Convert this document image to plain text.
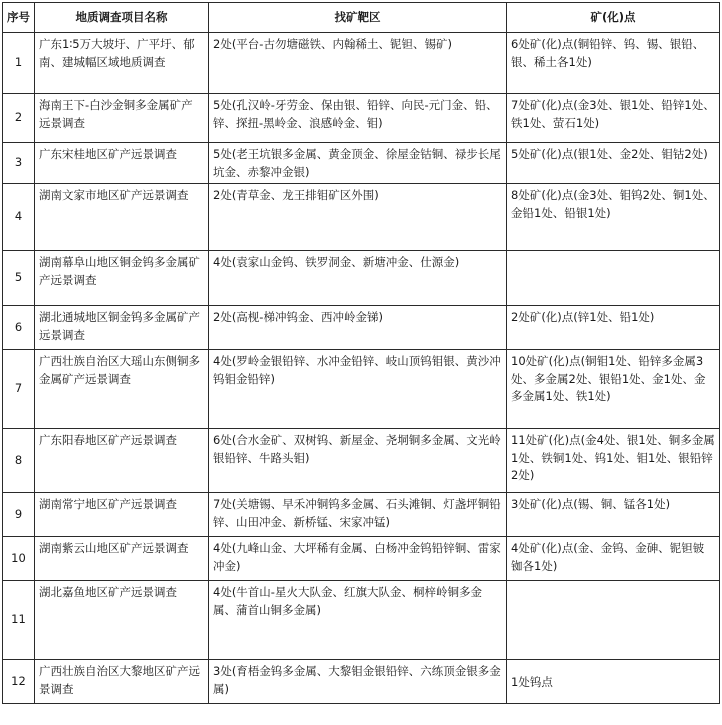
序号	地质调查项目名称	找矿靶区	矿(化)点
1	广东1∶5万大坡圩、广平圩、郁南、建城幅区域地质调查	2处(平台-古勿塘磁铁、内翰稀土、铌钽、锡矿)	6处矿(化)点(铜铅锌、钨、锡、银铅、银、稀土各1处)
2	海南王下-白沙金铜多金属矿产远景调查	5处(孔汉岭-牙劳金、保由银、铅锌、向民-元门金、铅、锌、探扭-黑岭金、浪感岭金、钼)	7处矿(化)点(金3处、银1处、铅锌1处、铁1处、萤石1处)
3	广东宋桂地区矿产远景调查	5处(老王坑银多金属、黄金顶金、徐屋金钴铜、禄步长尾坑金、赤黎冲金银)	5处矿(化)点(银1处、金2处、钼钴2处)
4	湖南文家市地区矿产远景调查	2处(青草金、龙王排钼矿区外围)	8处矿(化)点(金3处、钼钨2处、铜1处、金铅1处、铅银1处)
5	湖南幕阜山地区铜金钨多金属矿产远景调查	4处(袁家山金钨、铁罗洞金、新塘冲金、仕源金)	
6	湖北通城地区铜金钨多金属矿产远景调查	2处(高枧-梯冲钨金、西冲岭金锑)	2处矿(化)点(锌1处、铅1处)
7	广西壮族自治区大瑶山东侧铜多金属矿产远景调查	4处(罗岭金银铅锌、水冲金铅锌、岐山顶钨钼银、黄沙冲钨钼金铅锌)	10处矿(化)点(铜钼1处、铅锌多金属3处、多金属2处、银铅1处、金1处、金多金属1处、铁1处)
8	广东阳春地区矿产远景调查	6处(合水金矿、双树钨、新屋金、尧垌铜多金属、文光岭银铅锌、牛路头钼)	11处矿(化)点(金4处、银1处、铜多金属1处、铁铜1处、钨1处、钼1处、银铅锌2处)
9	湖南常宁地区矿产远景调查	7处(关塘锡、早禾冲铜钨多金属、石头滩铜、灯盏坪铜铅锌、山田冲金、新桥锰、宋家冲锰)	3处矿(化)点(锡、铜、锰各1处)
10	湖南紫云山地区矿产远景调查	4处(九峰山金、大坪稀有金属、白杨冲金钨铅锌铜、雷家冲金)	4处矿(化)点(金、金钨、金砷、铌钽铍铷各1处)
11	湖北嘉鱼地区矿产远景调查	4处(牛首山-星火大队金、红旗大队金、桐梓岭铜多金属、蒲首山铜多金属)	
12	广西壮族自治区大黎地区矿产远景调查	3处(育梧金钨多金属、大黎钼金银铅锌、六练顶金银多金属)	1处钨点
